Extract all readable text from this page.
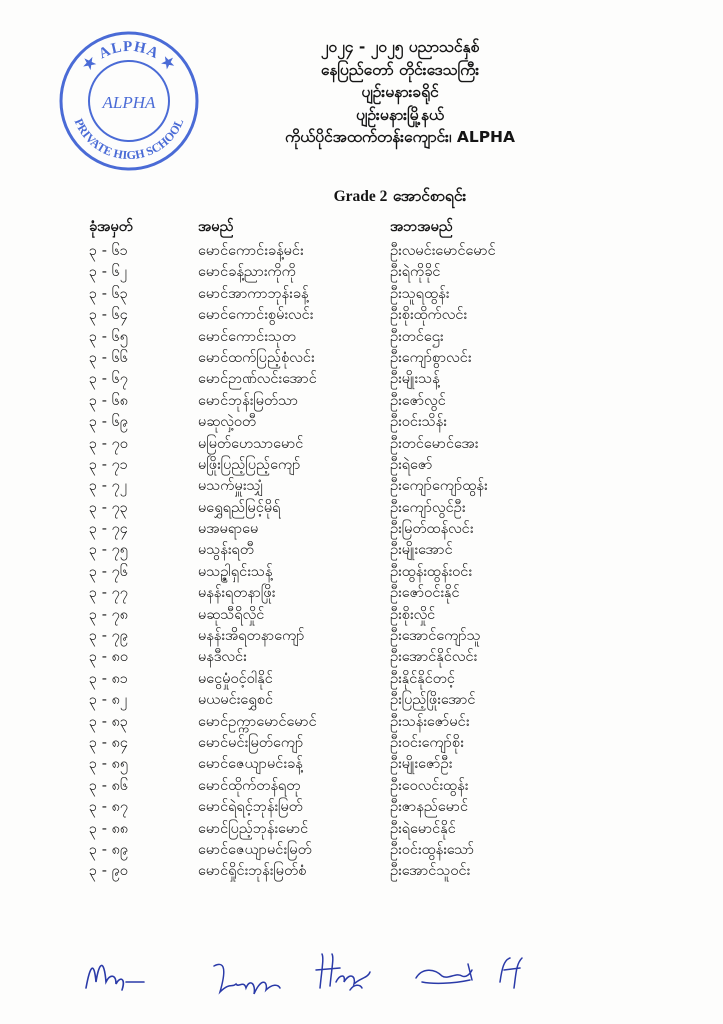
★ ALPHA ★
PRIVATE HIGH SCHOOL
ALPHA
၂၀၂၄ - ၂၀၂၅ ပညာသင်နှစ်
နေပြည်တော် တိုင်းဒေသကြီး
ပျဉ်းမနားခရိုင်
ပျဉ်းမနားမြို့နယ်
ကိုယ်ပိုင်အထက်တန်းကျောင်း၊ ALPHA
Grade 2 အောင်စာရင်း
ခုံအမှတ်	အမည်	အဘအမည်
၃ - ၆၁	မောင်ကောင်းခန့်မင်း	ဦးလမင်းမောင်မောင်
၃ - ၆၂	မောင်ခန့်ညားကိုကို	ဦးရဲကိုခိုင်
၃ - ၆၃	မောင်အာကာဘုန်းခန့်	ဦးသူရထွန်း
၃ - ၆၄	မောင်ကောင်းစွမ်းလင်း	ဦးစိုးထိုက်လင်း
၃ - ၆၅	မောင်ကောင်းသုတ	ဦးတင်ဌေး
၃ - ၆၆	မောင်ထက်ပြည့်စုံလင်း	ဦးကျော်စွာလင်း
၃ - ၆၇	မောင်ဉာဏ်လင်းအောင်	ဦးမျိုးသန့်
၃ - ၆၈	မောင်ဘုန်းမြတ်သာ	ဦးဇော်လွင်
၃ - ၆၉	မဆုလှဲ့ဝတီ	ဦးဝင်းသိန်း
၃ - ၇၀	မမြတ်ဟေသာမောင်	ဦးတင်မောင်အေး
၃ - ၇၁	မဖြိုးပြည့်ပြည့်ကျော်	ဦးရဲဇော်
၃ - ၇၂	မသက်မှူးသျှံ	ဦးကျော်ကျော်ထွန်း
၃ - ၇၃	မရွှေရည်မြင့်မိုရ်	ဦးကျော်လွင်ဦး
၃ - ၇၄	မအမရာမေ	ဦးမြတ်ထန်လင်း
၃ - ၇၅	မသွန်းရတီ	ဦးမျိုးအောင်
၃ - ၇၆	မသဥ္ဇါရှင်းသန့်	ဦးထွန်းထွန်းဝင်း
၃ - ၇၇	မနန်းရတနာဖြိုး	ဦးဇော်ဝင်းနိုင်
၃ - ၇၈	မဆုသီရိလှိုင်	ဦးစိုးလှိုင်
၃ - ၇၉	မနန်းအိရတနာကျော်	ဦးအောင်ကျော်သူ
၃ - ၈၀	မနဒီလင်း	ဦးအောင်နိုင်လင်း
၃ - ၈၁	မငွေမှုံဝင့်ဝါနိုင်	ဦးနိုင်နိုင်တင့်
၃ - ၈၂	မယမင်းရွှေစင်	ဦးပြည့်ဖြိုးအောင်
၃ - ၈၃	မောင်ဥက္ကာမောင်မောင်	ဦးသန်းဇော်မင်း
၃ - ၈၄	မောင်မင်းမြတ်ကျော်	ဦးဝင်းကျော်စိုး
၃ - ၈၅	မောင်ဇေယျာမင်းခန့်	ဦးမျိုးဇော်ဦး
၃ - ၈၆	မောင်ထိုက်တန်ရတု	ဦးဝေလင်းထွန်း
၃ - ၈၇	မောင်ရဲရင့်ဘုန်းမြတ်	ဦးဇာနည်မောင်
၃ - ၈၈	မောင်ပြည့်ဘုန်းမောင်	ဦးရဲမောင်နိုင်
၃ - ၈၉	မောင်ဇေယျာမင်းမြတ်	ဦးဝင်းထွန်းသော်
၃ - ၉၀	မောင်ရှိုင်းဘုန်းမြတ်စံ	ဦးအောင်သူဝင်း
